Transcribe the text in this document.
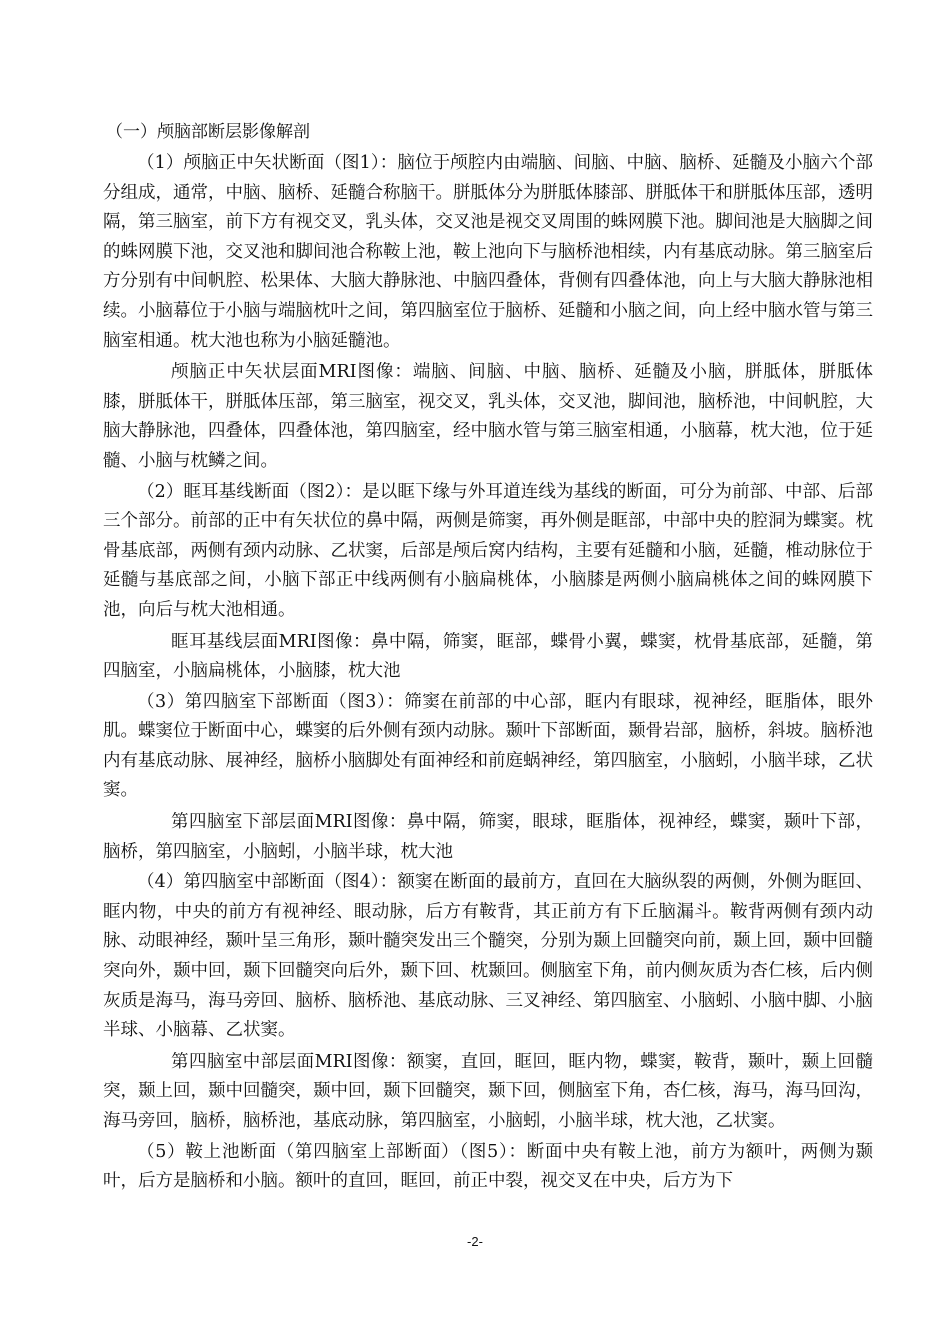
（一）颅脑部断层影像解剖

（1）颅脑正中矢状断面（图1）：脑位于颅腔内由端脑、间脑、中脑、脑桥、延髓及小脑六个部分组成，通常，中脑、脑桥、延髓合称脑干。胼胝体分为胼胝体膝部、胼胝体干和胼胝体压部，透明隔，第三脑室，前下方有视交叉，乳头体，交叉池是视交叉周围的蛛网膜下池。脚间池是大脑脚之间的蛛网膜下池，交叉池和脚间池合称鞍上池，鞍上池向下与脑桥池相续，内有基底动脉。第三脑室后方分别有中间帆腔、松果体、大脑大静脉池、中脑四叠体，背侧有四叠体池，向上与大脑大静脉池相续。小脑幕位于小脑与端脑枕叶之间，第四脑室位于脑桥、延髓和小脑之间，向上经中脑水管与第三脑室相通。枕大池也称为小脑延髓池。

颅脑正中矢状层面MRI图像：端脑、间脑、中脑、脑桥、延髓及小脑，胼胝体，胼胝体膝，胼胝体干，胼胝体压部，第三脑室，视交叉，乳头体，交叉池，脚间池，脑桥池，中间帆腔，大脑大静脉池，四叠体，四叠体池，第四脑室，经中脑水管与第三脑室相通，小脑幕，枕大池，位于延髓、小脑与枕鳞之间。

（2）眶耳基线断面（图2）：是以眶下缘与外耳道连线为基线的断面，可分为前部、中部、后部三个部分。前部的正中有矢状位的鼻中隔，两侧是筛窦，再外侧是眶部，中部中央的腔洞为蝶窦。枕骨基底部，两侧有颈内动脉、乙状窦，后部是颅后窝内结构，主要有延髓和小脑，延髓，椎动脉位于延髓与基底部之间，小脑下部正中线两侧有小脑扁桃体，小脑膝是两侧小脑扁桃体之间的蛛网膜下池，向后与枕大池相通。

眶耳基线层面MRI图像：鼻中隔，筛窦，眶部，蝶骨小翼，蝶窦，枕骨基底部，延髓，第四脑室，小脑扁桃体，小脑膝，枕大池

（3）第四脑室下部断面（图3）：筛窦在前部的中心部，眶内有眼球，视神经，眶脂体，眼外肌。蝶窦位于断面中心，蝶窦的后外侧有颈内动脉。颞叶下部断面，颞骨岩部，脑桥，斜坡。脑桥池内有基底动脉、展神经，脑桥小脑脚处有面神经和前庭蜗神经，第四脑室，小脑蚓，小脑半球，乙状窦。

第四脑室下部层面MRI图像：鼻中隔，筛窦，眼球，眶脂体，视神经，蝶窦，颞叶下部，脑桥，第四脑室，小脑蚓，小脑半球，枕大池

（4）第四脑室中部断面（图4）：额窦在断面的最前方，直回在大脑纵裂的两侧，外侧为眶回、眶内物，中央的前方有视神经、眼动脉，后方有鞍背，其正前方有下丘脑漏斗。鞍背两侧有颈内动脉、动眼神经，颞叶呈三角形，颞叶髓突发出三个髓突，分别为颞上回髓突向前，颞上回，颞中回髓突向外，颞中回，颞下回髓突向后外，颞下回、枕颞回。侧脑室下角，前内侧灰质为杏仁核，后内侧灰质是海马，海马旁回、脑桥、脑桥池、基底动脉、三叉神经、第四脑室、小脑蚓、小脑中脚、小脑半球、小脑幕、乙状窦。

第四脑室中部层面MRI图像：额窦，直回，眶回，眶内物，蝶窦，鞍背，颞叶，颞上回髓突，颞上回，颞中回髓突，颞中回，颞下回髓突，颞下回，侧脑室下角，杏仁核，海马，海马回沟，海马旁回，脑桥，脑桥池，基底动脉，第四脑室，小脑蚓，小脑半球，枕大池，乙状窦。

（5）鞍上池断面（第四脑室上部断面）（图5）：断面中央有鞍上池，前方为额叶，两侧为颞叶，后方是脑桥和小脑。额叶的直回，眶回，前正中裂，视交叉在中央，后方为下

-2-
